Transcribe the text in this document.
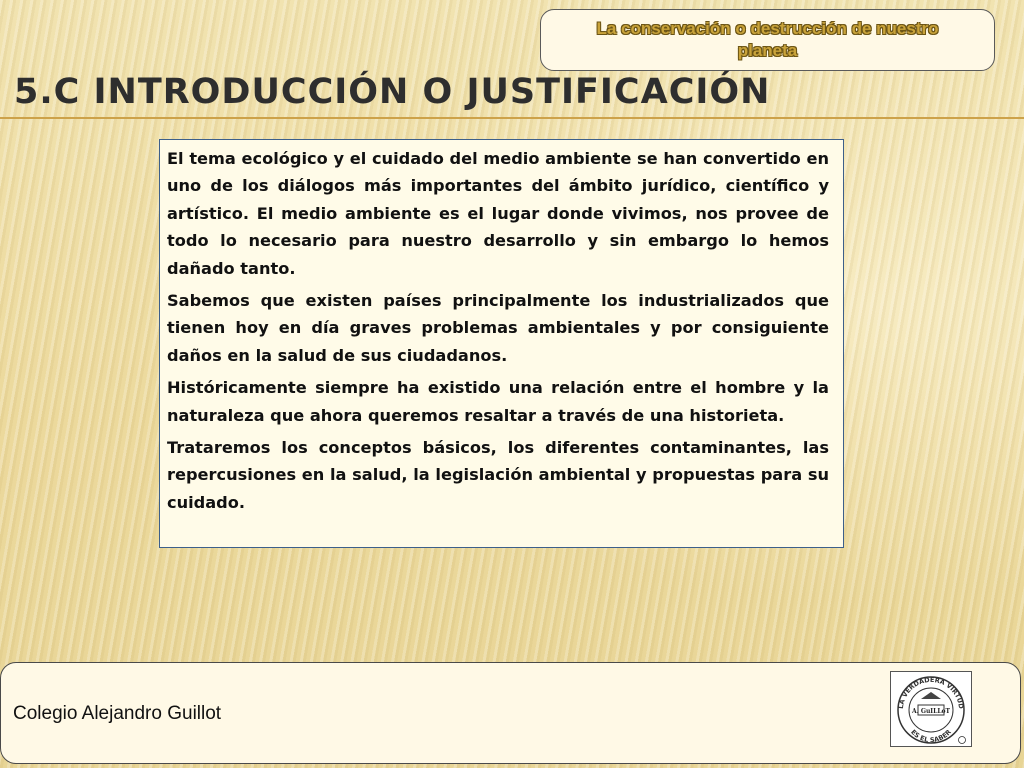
La conservación o destrucción de nuestro planeta
5.C INTRODUCCIÓN O JUSTIFICACIÓN

El tema ecológico y el cuidado del medio ambiente se han convertido en uno de los diálogos más importantes del ámbito jurídico, científico y artístico. El medio ambiente es el lugar donde vivimos, nos provee de todo lo necesario para nuestro desarrollo y sin embargo lo hemos dañado tanto.

Sabemos que existen países principalmente los industrializados que tienen hoy en día graves problemas ambientales y por consiguiente daños en la salud de sus ciudadanos.

Históricamente siempre ha existido una relación entre el hombre y la naturaleza que ahora queremos resaltar a través de una historieta.

Trataremos los conceptos básicos, los diferentes contaminantes, las repercusiones en la salud, la legislación ambiental y propuestas para su cuidado.

Colegio Alejandro Guillot	LA VERDADERA VIRTUD
ES EL SABER
A. GuILLoT
